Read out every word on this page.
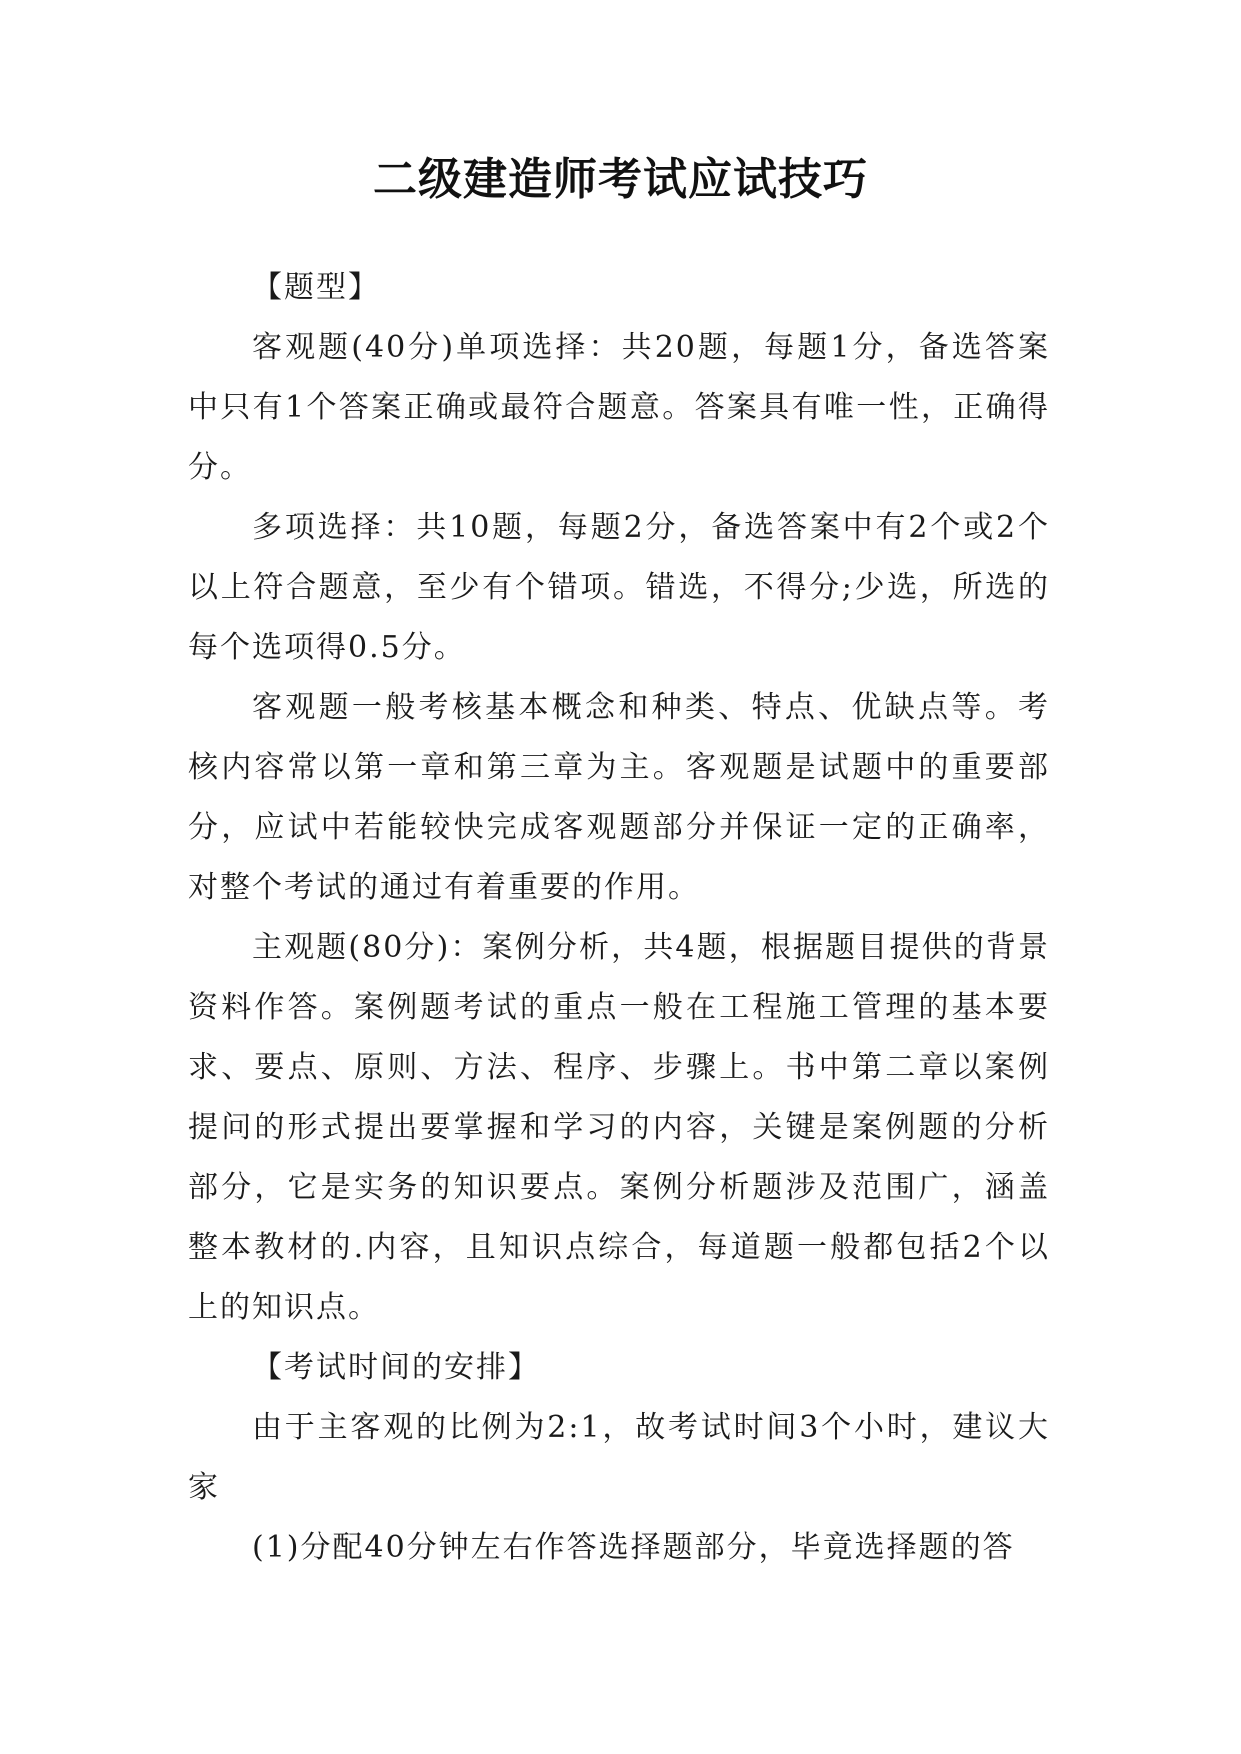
二级建造师考试应试技巧

【题型】

客观题(40分)单项选择：共20题，每题1分，备选答案中只有1个答案正确或最符合题意。答案具有唯一性，正确得分。

多项选择：共10题，每题2分，备选答案中有2个或2个以上符合题意，至少有个错项。错选，不得分;少选，所选的每个选项得0.5分。

客观题一般考核基本概念和种类、特点、优缺点等。考核内容常以第一章和第三章为主。客观题是试题中的重要部分，应试中若能较快完成客观题部分并保证一定的正确率，对整个考试的通过有着重要的作用。

主观题(80分)：案例分析，共4题，根据题目提供的背景资料作答。案例题考试的重点一般在工程施工管理的基本要求、要点、原则、方法、程序、步骤上。书中第二章以案例提问的形式提出要掌握和学习的内容，关键是案例题的分析部分，它是实务的知识要点。案例分析题涉及范围广，涵盖整本教材的.内容，且知识点综合，每道题一般都包括2个以上的知识点。

【考试时间的安排】

由于主客观的比例为2:1，故考试时间3个小时，建议大家

(1)分配40分钟左右作答选择题部分，毕竟选择题的答
